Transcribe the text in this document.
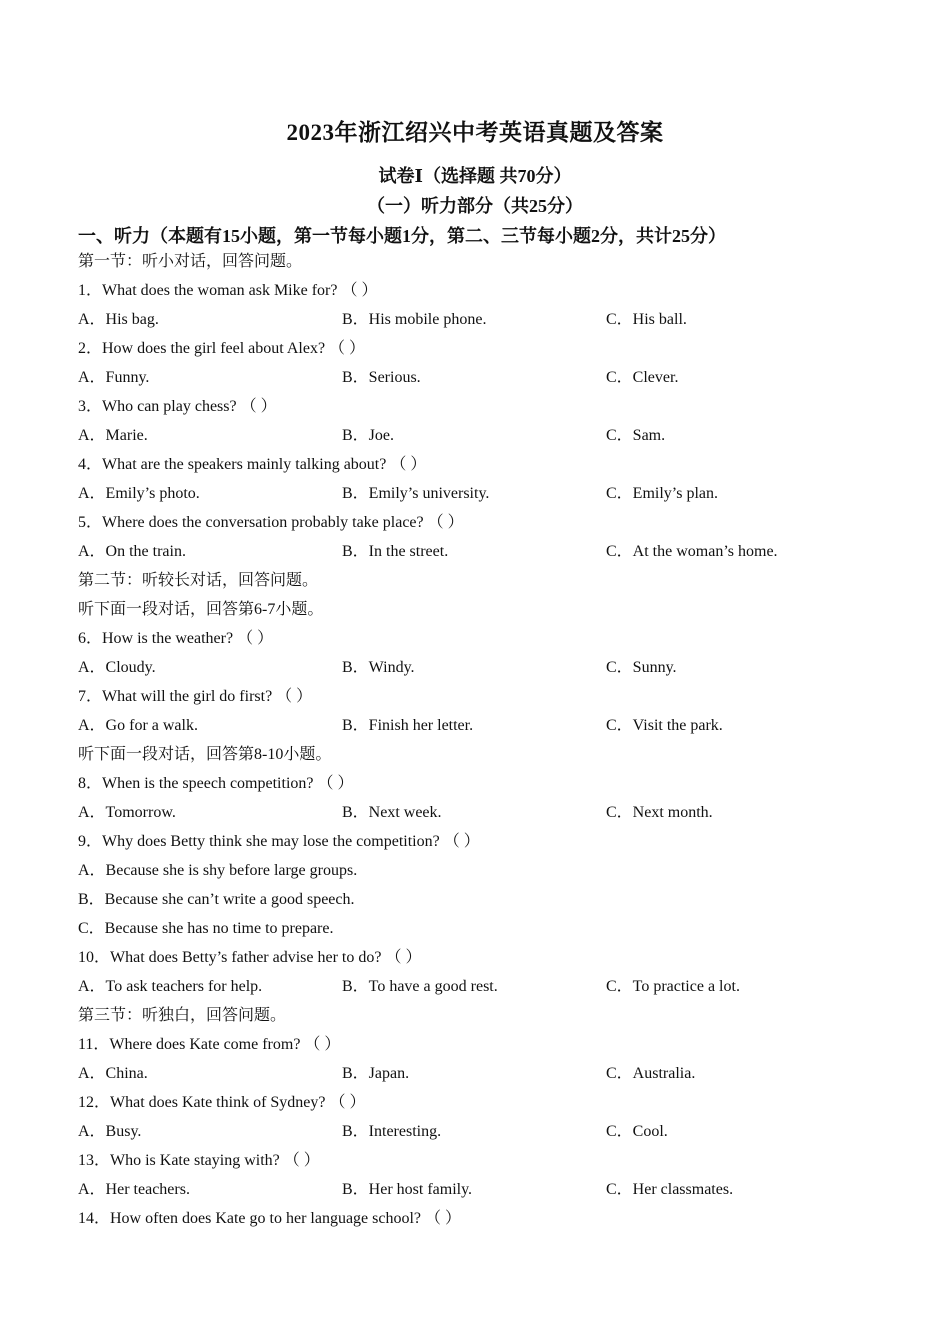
2023年浙江绍兴中考英语真题及答案
试卷Ⅰ（选择题 共70分）
（一）听力部分（共25分）
一、听力（本题有15小题，第一节每小题1分，第二、三节每小题2分，共计25分）
第一节：听小对话，回答问题。
1．What does the woman ask Mike for? （ ）
A．His bag.	B．His mobile phone.	C．His ball.
2．How does the girl feel about Alex? （ ）
A．Funny.	B．Serious.	C．Clever.
3．Who can play chess? （ ）
A．Marie.	B．Joe.	C．Sam.
4．What are the speakers mainly talking about? （ ）
A．Emily’s photo.	B．Emily’s university.	C．Emily’s plan.
5．Where does the conversation probably take place? （ ）
A．On the train.	B．In the street.	C．At the woman’s home.
第二节：听较长对话，回答问题。
听下面一段对话，回答第6-7小题。
6．How is the weather? （ ）
A．Cloudy.	B．Windy.	C．Sunny.
7．What will the girl do first? （ ）
A．Go for a walk.	B．Finish her letter.	C．Visit the park.
听下面一段对话，回答第8-10小题。
8．When is the speech competition? （ ）
A．Tomorrow.	B．Next week.	C．Next month.
9．Why does Betty think she may lose the competition? （ ）
A．Because she is shy before large groups.
B．Because she can’t write a good speech.
C．Because she has no time to prepare.
10．What does Betty’s father advise her to do? （ ）
A．To ask teachers for help.	B．To have a good rest.	C．To practice a lot.
第三节：听独白，回答问题。
11．Where does Kate come from? （ ）
A．China.	B．Japan.	C．Australia.
12．What does Kate think of Sydney? （ ）
A．Busy.	B．Interesting.	C．Cool.
13．Who is Kate staying with? （ ）
A．Her teachers.	B．Her host family.	C．Her classmates.
14．How often does Kate go to her language school? （ ）
